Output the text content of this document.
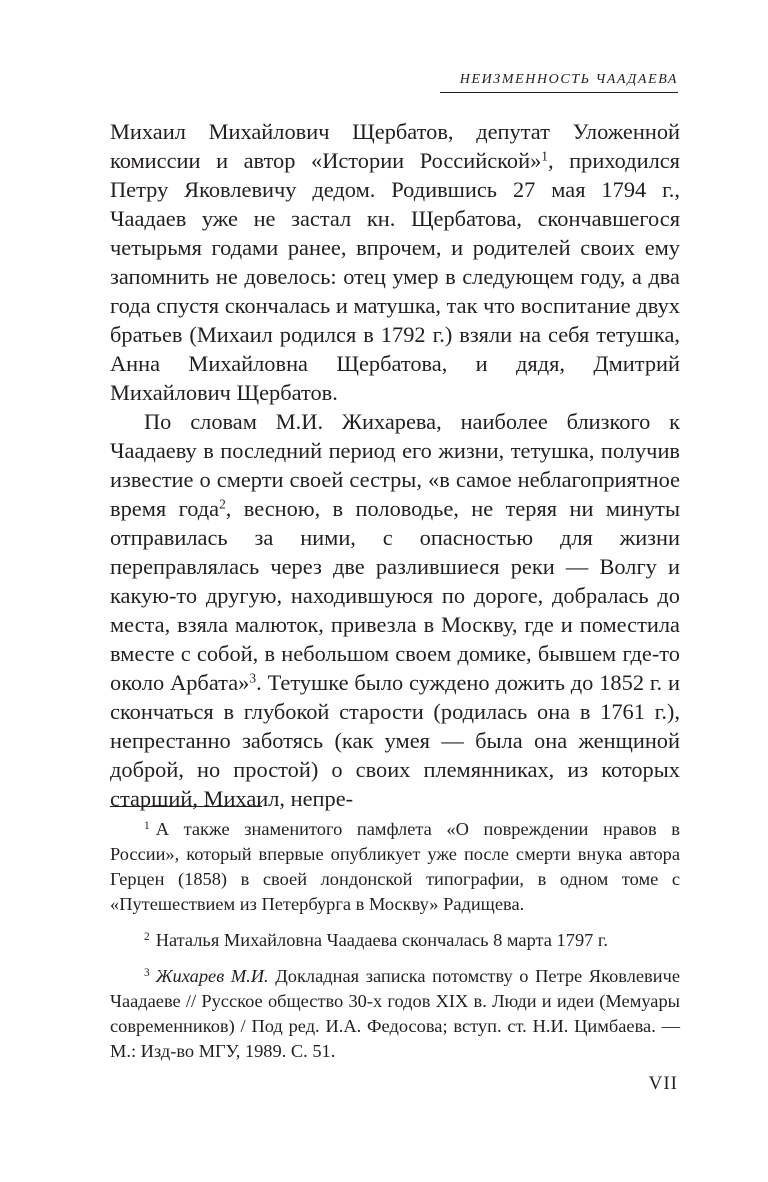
НЕИЗМЕННОСТЬ ЧААДАЕВА

Михаил Михайлович Щербатов, депутат Уложенной комиссии и автор «Истории Российской»$^1$, приходился Петру Яковлевичу дедом. Родившись 27 мая 1794 г., Чаадаев уже не застал кн. Щербатова, скончавшегося четырьмя годами ранее, впрочем, и родителей своих ему запомнить не довелось: отец умер в следующем году, а два года спустя скончалась и матушка, так что воспитание двух братьев (Михаил родился в 1792 г.) взяли на себя тетушка, Анна Михайловна Щербатова, и дядя, Дмитрий Михайлович Щербатов.

По словам М.И. Жихарева, наиболее близкого к Чаадаеву в последний период его жизни, тетушка, получив известие о смерти своей сестры, «в самое неблагоприятное время года$^2$, весною, в половодье, не теряя ни минуты отправилась за ними, с опасностью для жизни переправлялась через две разлившиеся реки — Волгу и какую-то другую, находившуюся по дороге, добралась до места, взяла малюток, привезла в Москву, где и поместила вместе с собой, в небольшом своем домике, бывшем где-то около Арбата»$^3$. Тетушке было суждено дожить до 1852 г. и скончаться в глубокой старости (родилась она в 1761 г.), непрестанно заботясь (как умея — была она женщиной доброй, но простой) о своих племянниках, из которых старший, Михаил, непре-

$^1$ А также знаменитого памфлета «О повреждении нравов в России», который впервые опубликует уже после смерти внука автора Герцен (1858) в своей лондонской типографии, в одном томе с «Путешествием из Петербурга в Москву» Радищева.

$^2$ Наталья Михайловна Чаадаева скончалась 8 марта 1797 г.

$^3$ Жихарев М.И. Докладная записка потомству о Петре Яковлевиче Чаадаеве // Русское общество 30-х годов XIX в. Люди и идеи (Мемуары современников) / Под ред. И.А. Федосова; вступ. ст. Н.И. Цимбаева. — М.: Изд-во МГУ, 1989. С. 51.

VII
